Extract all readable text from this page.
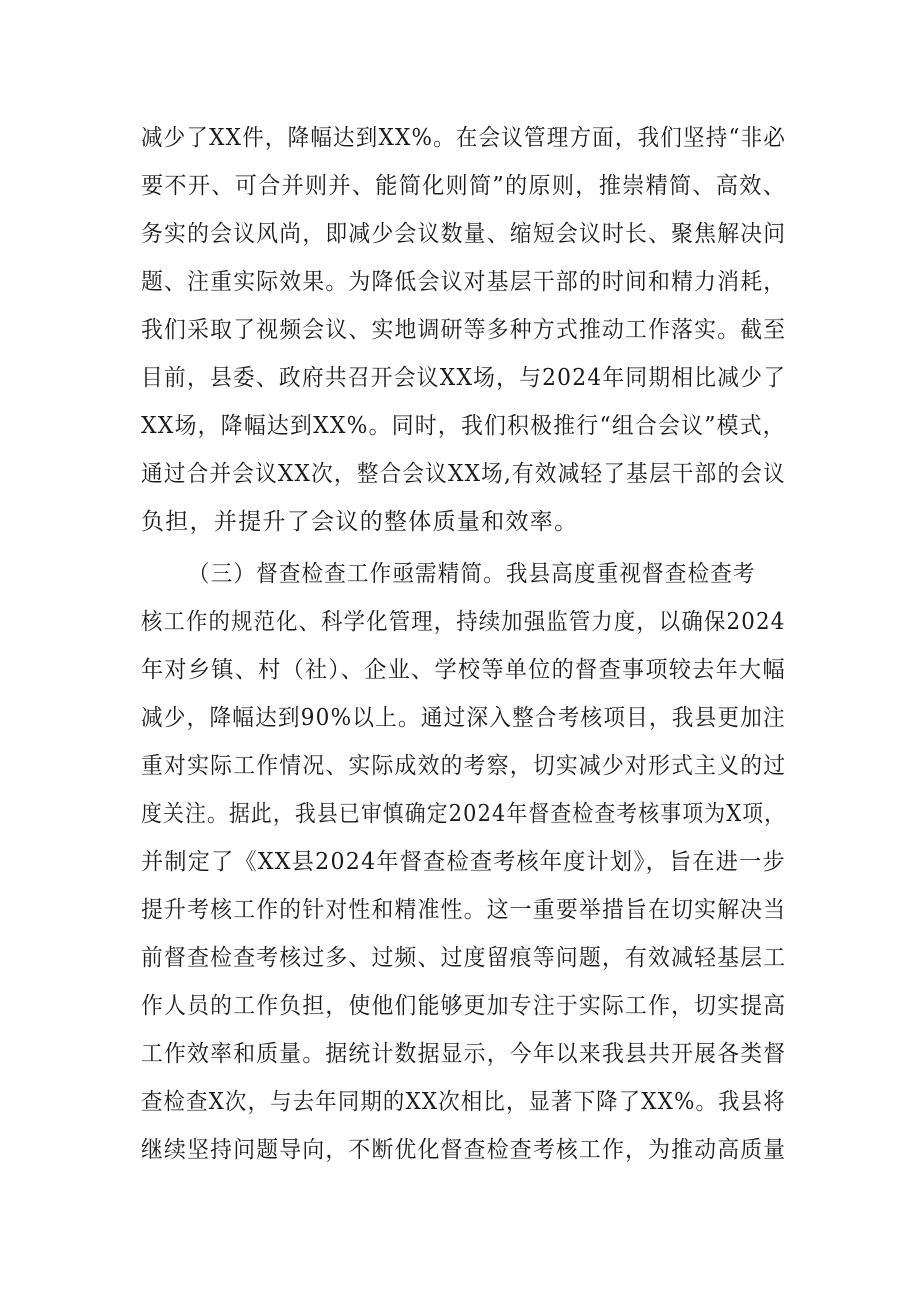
减少了XX件，降幅达到XX%。在会议管理方面，我们坚持“非必
要不开、可合并则并、能简化则简”的原则，推崇精简、高效、
务实的会议风尚，即减少会议数量、缩短会议时长、聚焦解决问
题、注重实际效果。为降低会议对基层干部的时间和精力消耗，
我们采取了视频会议、实地调研等多种方式推动工作落实。截至
目前，县委、政府共召开会议XX场，与2024年同期相比减少了
XX场，降幅达到XX%。同时，我们积极推行“组合会议”模式，
通过合并会议XX次，整合会议XX场,有效减轻了基层干部的会议
负担，并提升了会议的整体质量和效率。
（三）督查检查工作亟需精简。我县高度重视督查检查考
核工作的规范化、科学化管理，持续加强监管力度，以确保2024
年对乡镇、村（社）、企业、学校等单位的督查事项较去年大幅
减少，降幅达到90%以上。通过深入整合考核项目，我县更加注
重对实际工作情况、实际成效的考察，切实减少对形式主义的过
度关注。据此，我县已审慎确定2024年督查检查考核事项为X项，
并制定了《XX县2024年督查检查考核年度计划》，旨在进一步
提升考核工作的针对性和精准性。这一重要举措旨在切实解决当
前督查检查考核过多、过频、过度留痕等问题，有效减轻基层工
作人员的工作负担，使他们能够更加专注于实际工作，切实提高
工作效率和质量。据统计数据显示，今年以来我县共开展各类督
查检查X次，与去年同期的XX次相比，显著下降了XX%。我县将
继续坚持问题导向，不断优化督查检查考核工作，为推动高质量
